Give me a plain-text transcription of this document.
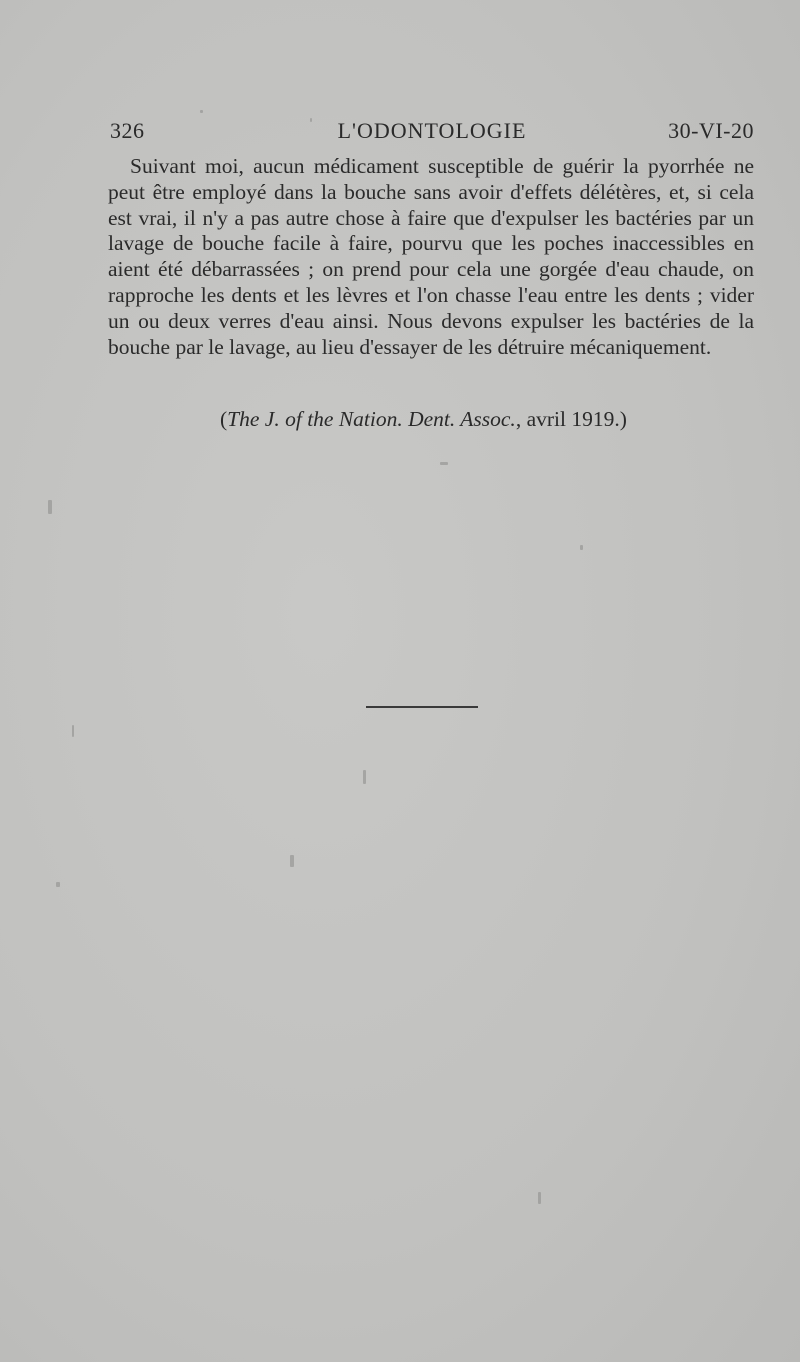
326	L'ODONTOLOGIE	30-VI-20

Suivant moi, aucun médicament susceptible de guérir la pyorrhée ne peut être employé dans la bouche sans avoir d'effets délétères, et, si cela est vrai, il n'y a pas autre chose à faire que d'expulser les bactéries par un lavage de bouche facile à faire, pourvu que les poches inaccessibles en aient été débarrassées ; on prend pour cela une gorgée d'eau chaude, on rapproche les dents et les lèvres et l'on chasse l'eau entre les dents ; vider un ou deux verres d'eau ainsi. Nous devons expulser les bactéries de la bouche par le lavage, au lieu d'essayer de les détruire mécaniquement.

(The J. of the Nation. Dent. Assoc., avril 1919.)
